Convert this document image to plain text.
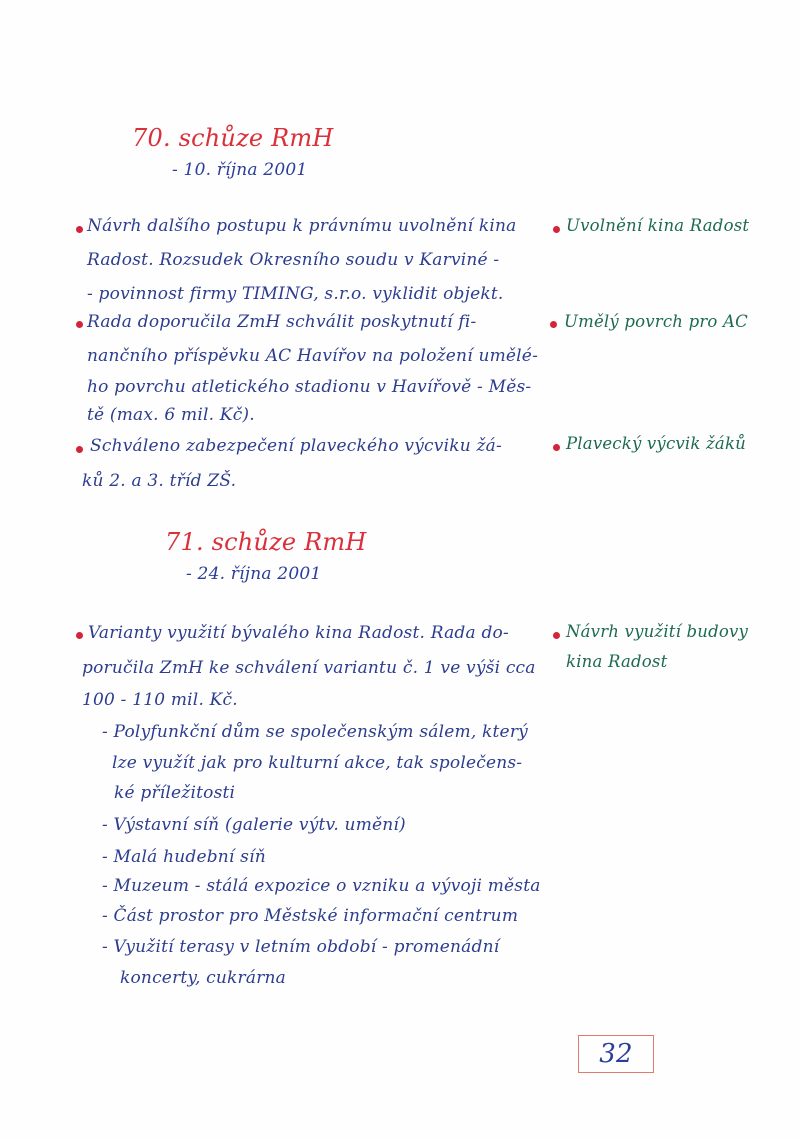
70. schůze RmH
- 10. října 2001
Návrh dalšího postupu k právnímu uvolnění kina
Radost. Rozsudek Okresního soudu v Karviné -
- povinnost firmy TIMING, s.r.o. vyklidit objekt.
Uvolnění kina Radost
Rada doporučila ZmH schválit poskytnutí fi-
nančního příspěvku AC Havířov na položení umělé-
ho povrchu atletického stadionu v Havířově - Měs-
tě (max. 6 mil. Kč).
Umělý povrch pro AC
Schváleno zabezpečení plaveckého výcviku žá-
ků 2. a 3. tříd ZŠ.
Plavecký výcvik žáků
71. schůze RmH
- 24. října 2001
Varianty využití bývalého kina Radost. Rada do-
poručila ZmH ke schválení variantu č. 1 ve výši cca
100 - 110 mil. Kč.
Návrh využití budovy
kina Radost
- Polyfunkční dům se společenským sálem, který
lze využít jak pro kulturní akce, tak společens-
ké příležitosti
- Výstavní síň (galerie výtv. umění)
- Malá hudební síň
- Muzeum - stálá expozice o vzniku a vývoji města
- Část prostor pro Městské informační centrum
- Využití terasy v letním období - promenádní
koncerty, cukrárna
32
